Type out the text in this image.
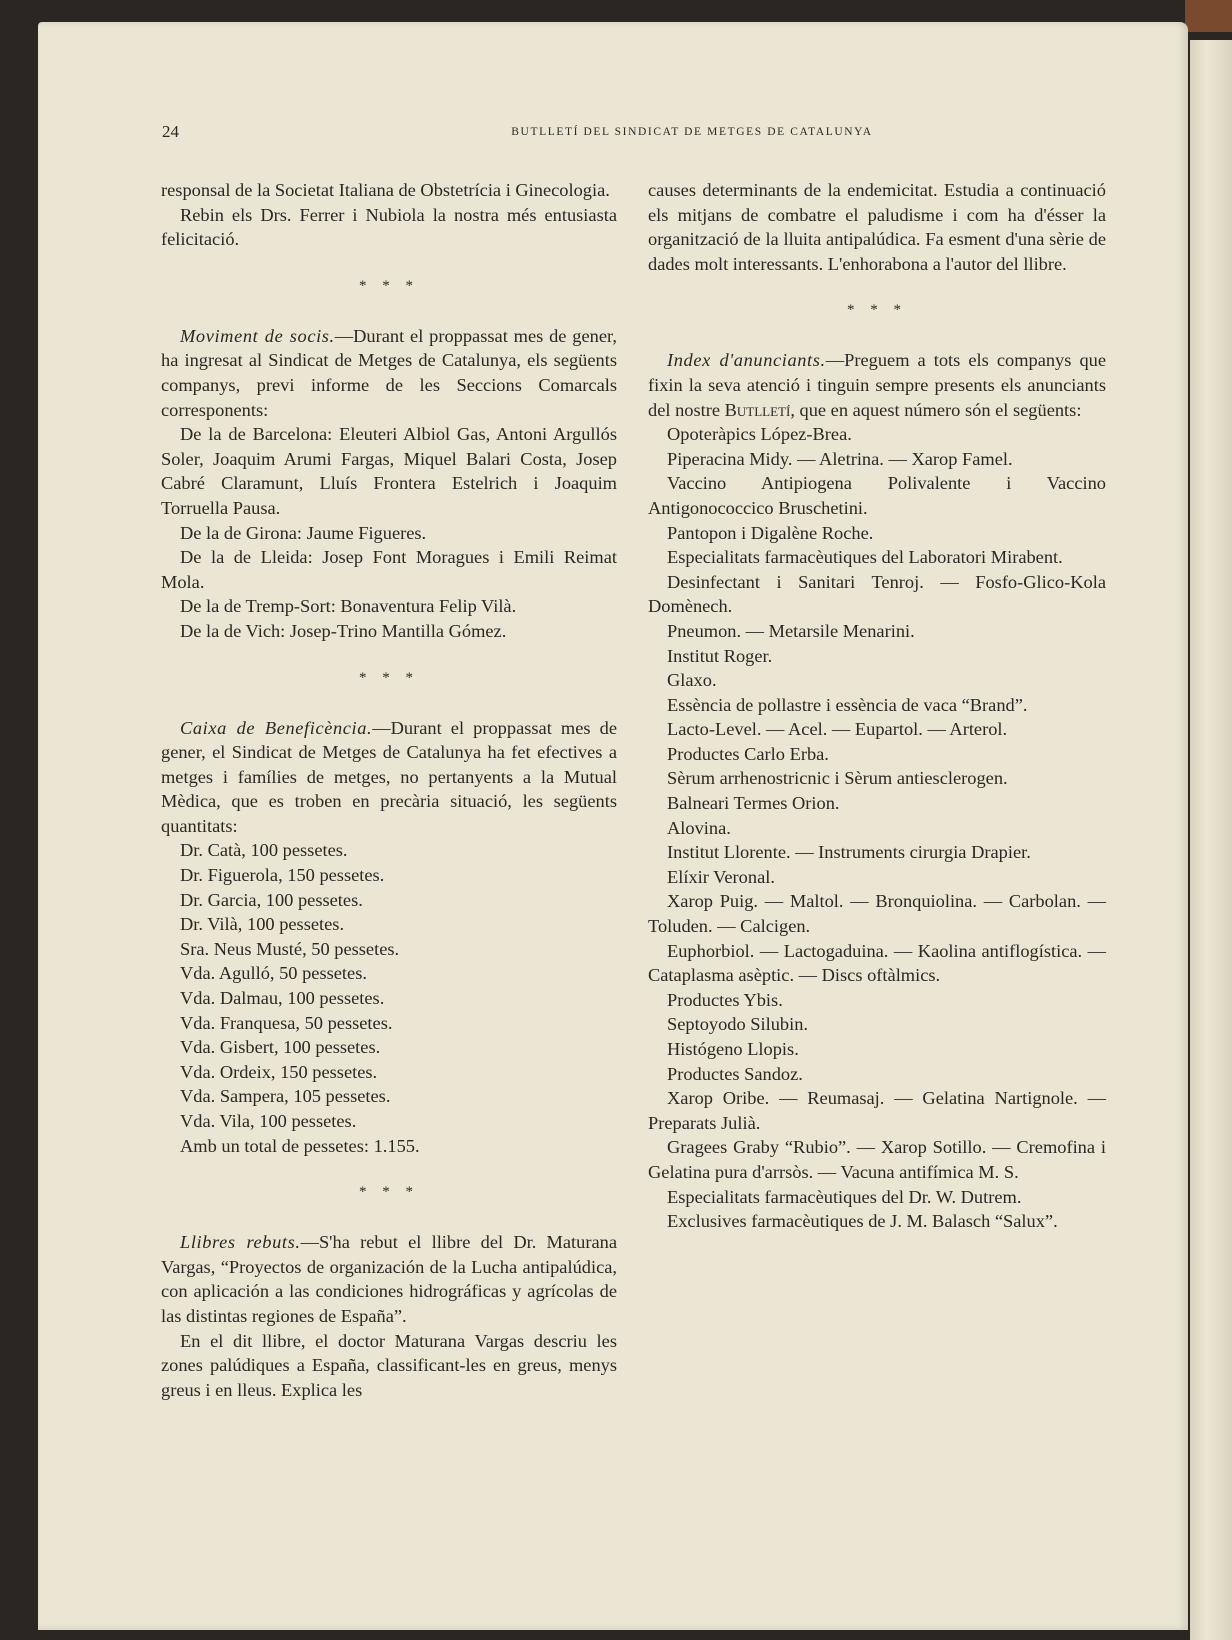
24	BUTLLETÍ DEL SINDICAT DE METGES DE CATALUNYA

responsal de la Societat Italiana de Obstetrícia i Ginecologia.

Rebin els Drs. Ferrer i Nubiola la nostra més entusiasta felicitació.

* * *

Moviment de socis.—Durant el proppassat mes de gener, ha ingresat al Sindicat de Metges de Catalunya, els següents companys, previ informe de les Seccions Comarcals corresponents:

De la de Barcelona: Eleuteri Albiol Gas, Antoni Argullós Soler, Joaquim Arumi Fargas, Miquel Balari Costa, Josep Cabré Claramunt, Lluís Frontera Estelrich i Joaquim Torruella Pausa.

De la de Girona: Jaume Figueres.

De la de Lleida: Josep Font Moragues i Emili Reimat Mola.

De la de Tremp-Sort: Bonaventura Felip Vilà.

De la de Vich: Josep-Trino Mantilla Gómez.

* * *

Caixa de Beneficència.—Durant el proppassat mes de gener, el Sindicat de Metges de Catalunya ha fet efectives a metges i famílies de metges, no pertanyents a la Mutual Mèdica, que es troben en precària situació, les següents quantitats:

Dr. Catà, 100 pessetes.

Dr. Figuerola, 150 pessetes.

Dr. Garcia, 100 pessetes.

Dr. Vilà, 100 pessetes.

Sra. Neus Musté, 50 pessetes.

Vda. Agulló, 50 pessetes.

Vda. Dalmau, 100 pessetes.

Vda. Franquesa, 50 pessetes.

Vda. Gisbert, 100 pessetes.

Vda. Ordeix, 150 pessetes.

Vda. Sampera, 105 pessetes.

Vda. Vila, 100 pessetes.

Amb un total de pessetes: 1.155.

* * *

Llibres rebuts.—S'ha rebut el llibre del Dr. Maturana Vargas, “Proyectos de organización de la Lucha antipalúdica, con aplicación a las condiciones hidrográficas y agrícolas de las distintas regiones de España”.

En el dit llibre, el doctor Maturana Vargas descriu les zones palúdiques a España, classificant-les en greus, menys greus i en lleus. Explica les

causes determinants de la endemicitat. Estudia a continuació els mitjans de combatre el paludisme i com ha d'ésser la organització de la lluita antipalúdica. Fa esment d'una sèrie de dades molt interessants. L'enhorabona a l'autor del llibre.

* * *

Index d'anunciants.—Preguem a tots els companys que fixin la seva atenció i tinguin sempre presents els anunciants del nostre Butlletí, que en aquest número són el següents:

Opoteràpics López-Brea.

Piperacina Midy. — Aletrina. — Xarop Famel.

Vaccino Antipiogena Polivalente i Vaccino Antigonococcico Bruschetini.

Pantopon i Digalène Roche.

Especialitats farmacèutiques del Laboratori Mirabent.

Desinfectant i Sanitari Tenroj. — Fosfo-Glico-Kola Domènech.

Pneumon. — Metarsile Menarini.

Institut Roger.

Glaxo.

Essència de pollastre i essència de vaca “Brand”.

Lacto-Level. — Acel. — Eupartol. — Arterol.

Productes Carlo Erba.

Sèrum arrhenostricnic i Sèrum antiesclerogen.

Balneari Termes Orion.

Alovina.

Institut Llorente. — Instruments cirurgia Drapier.

Elíxir Veronal.

Xarop Puig. — Maltol. — Bronquiolina. — Carbolan. — Toluden. — Calcigen.

Euphorbiol. — Lactogaduina. — Kaolina antiflogística. — Cataplasma asèptic. — Discs oftàlmics.

Productes Ybis.

Septoyodo Silubin.

Histógeno Llopis.

Productes Sandoz.

Xarop Oribe. — Reumasaj. — Gelatina Nartignole. — Preparats Julià.

Gragees Graby “Rubio”. — Xarop Sotillo. — Cremofina i Gelatina pura d'arrsòs. — Vacuna antifímica M. S.

Especialitats farmacèutiques del Dr. W. Dutrem.

Exclusives farmacèutiques de J. M. Balasch “Salux”.
